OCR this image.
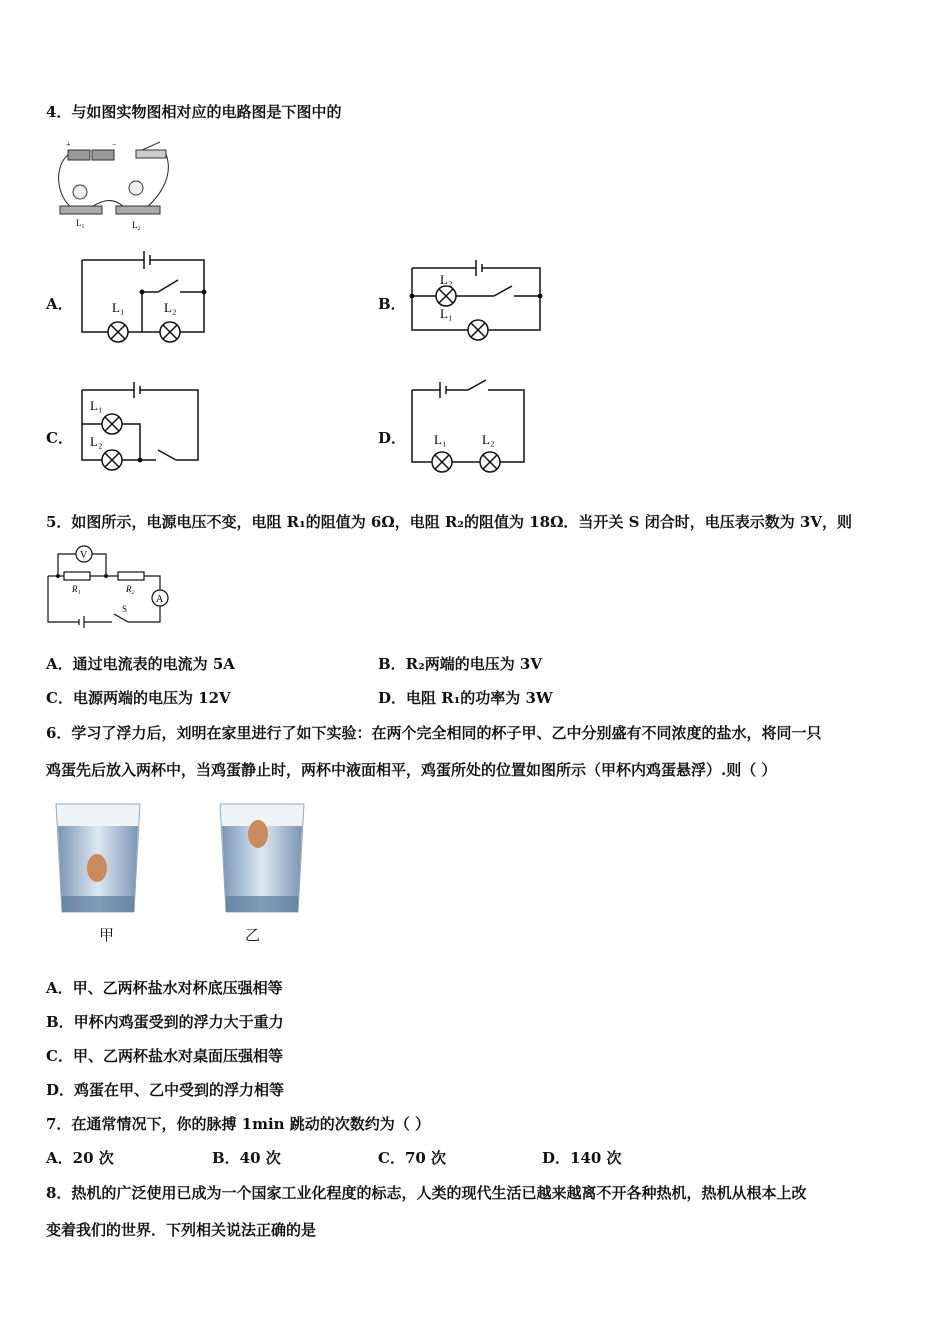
4．与如图实物图相对应的电路图是下图中的
+	−
L₁	L₂
A．	L₁	L₂	B．
L₂
L₁
C．
L₁
L₂	D． L₁	L₂
5．如图所示，电源电压不变，电阻 R₁的阻值为 6Ω，电阻 R₂的阻值为 18Ω．当开关 S 闭合时，电压表示数为 3V，则
V
A
R₁	R₂
S
A．通过电流表的电流为 5A	B．R₂两端的电压为 3V
C．电源两端的电压为 12V	D．电阻 R₁的功率为 3W
6．学习了浮力后，刘明在家里进行了如下实验：在两个完全相同的杯子甲、乙中分别盛有不同浓度的盐水，将同一只
鸡蛋先后放入两杯中，当鸡蛋静止时，两杯中液面相平，鸡蛋所处的位置如图所示（甲杯内鸡蛋悬浮）.则（ ）
甲	乙
A．甲、乙两杯盐水对杯底压强相等
B．甲杯内鸡蛋受到的浮力大于重力
C．甲、乙两杯盐水对桌面压强相等
D．鸡蛋在甲、乙中受到的浮力相等
7．在通常情况下，你的脉搏 1min 跳动的次数约为（ ）
A．20 次	B．40 次	C．70 次	D．140 次
8．热机的广泛使用已成为一个国家工业化程度的标志，人类的现代生活已越来越离不开各种热机，热机从根本上改
变着我们的世界．下列相关说法正确的是
